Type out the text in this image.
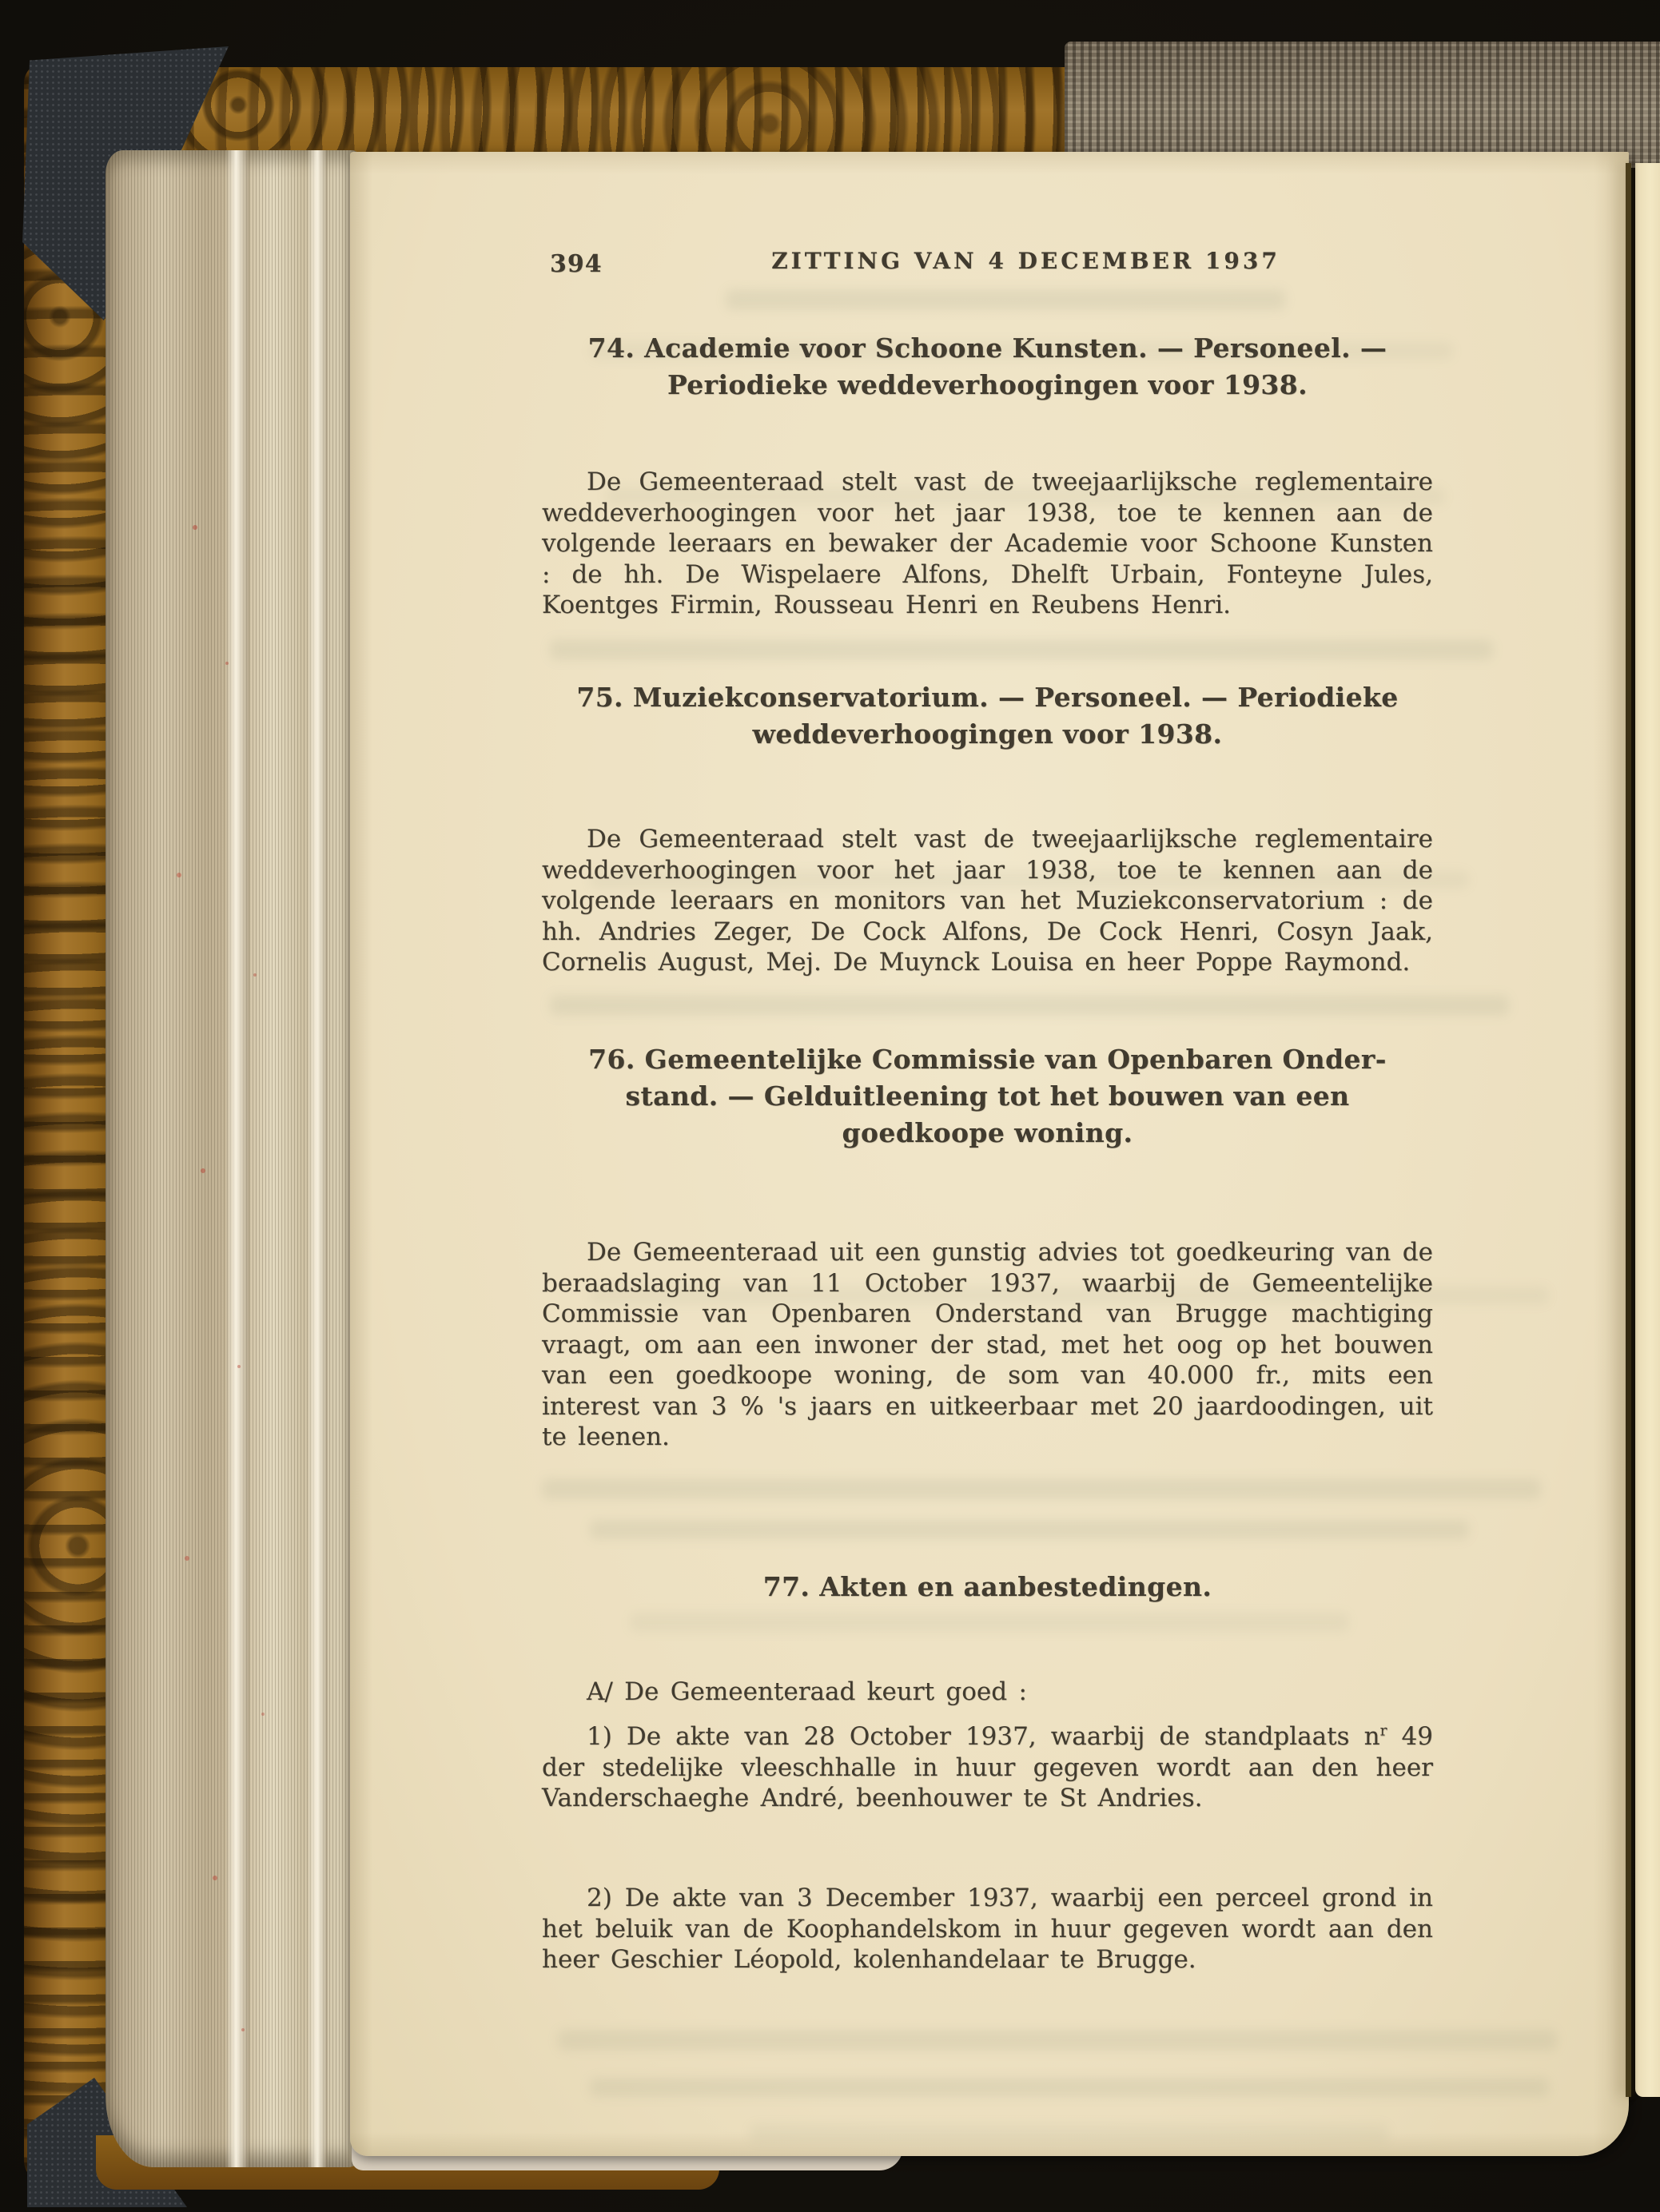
394	ZITTING VAN 4 DECEMBER 1937
74. Academie voor Schoone Kunsten. — Personeel. —
Periodieke weddeverhoogingen voor 1938.

De Gemeenteraad stelt vast de tweejaarlijksche reglementaire weddeverhoogingen voor het jaar 1938, toe te kennen aan de volgende leeraars en bewaker der Academie voor Schoone Kunsten : de hh. De Wispelaere Alfons, Dhelft Urbain, Fonteyne Jules, Koentges Firmin, Rousseau Henri en Reubens Henri.

75. Muziekconservatorium. — Personeel. — Periodieke
weddeverhoogingen voor 1938.

De Gemeenteraad stelt vast de tweejaarlijksche reglementaire weddeverhoogingen voor het jaar 1938, toe te kennen aan de volgende leeraars en monitors van het Muziekconservatorium : de hh. Andries Zeger, De Cock Alfons, De Cock Henri, Cosyn Jaak, Cornelis August, Mej. De Muynck Louisa en heer Poppe Raymond.

76. Gemeentelijke Commissie van Openbaren Onder-
stand. — Gelduitleening tot het bouwen van een
goedkoope woning.

De Gemeenteraad uit een gunstig advies tot goedkeuring van de beraadslaging van 11 October 1937, waarbij de Gemeentelijke Commissie van Openbaren Onderstand van Brugge machtiging vraagt, om aan een inwoner der stad, met het oog op het bouwen van een goedkoope woning, de som van 40.000 fr., mits een interest van 3 % 's jaars en uitkeerbaar met 20 jaardoodingen, uit te leenen.

77. Akten en aanbestedingen.

A/ De Gemeenteraad keurt goed :

1) De akte van 28 October 1937, waarbij de standplaats $n^r$ 49 der stedelijke vleeschhalle in huur gegeven wordt aan den heer Vanderschaeghe André, beenhouwer te St Andries.

2) De akte van 3 December 1937, waarbij een perceel grond in het beluik van de Koophandelskom in huur gegeven wordt aan den heer Geschier Léopold, kolenhandelaar te Brugge.
